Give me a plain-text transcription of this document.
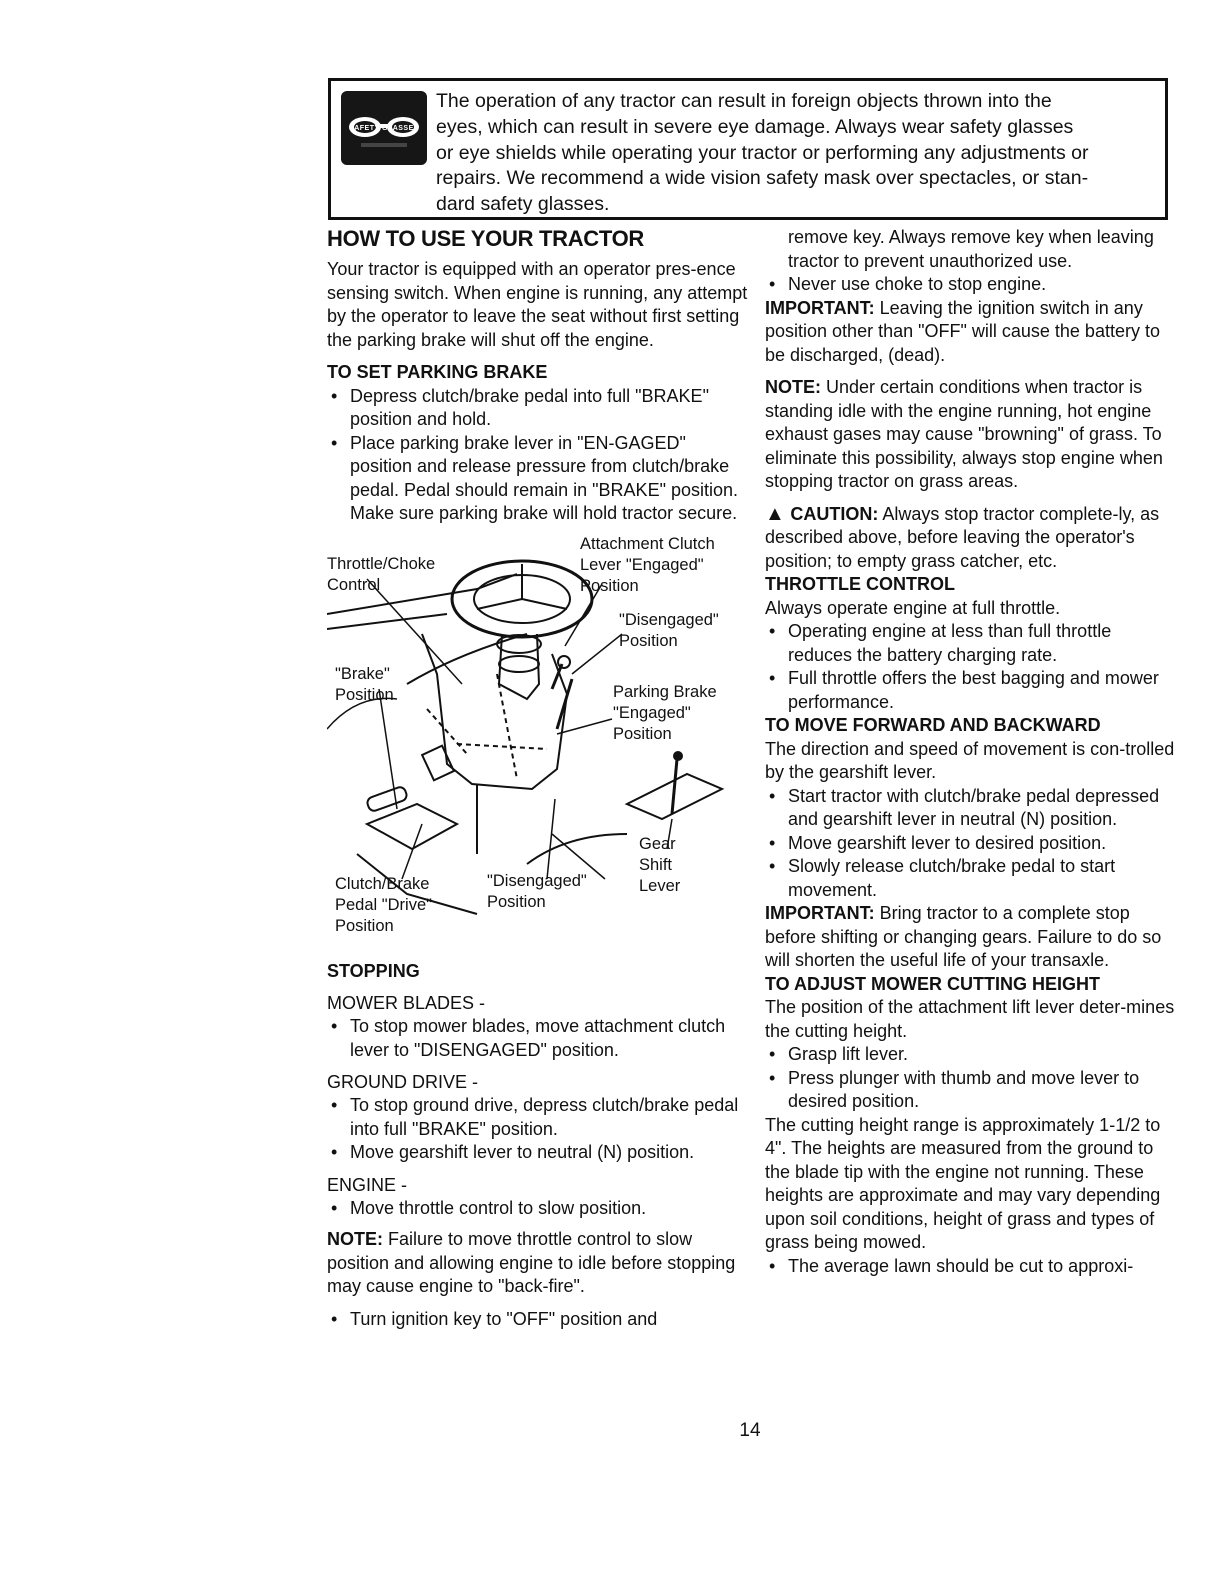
SAFETY GLASSES
The operation of any tractor can result in foreign objects thrown into the
eyes, which can result in severe eye damage. Always wear safety glasses
or eye shields while operating your tractor or performing any adjustments or
repairs. We recommend a wide vision safety mask over spectacles, or stan-
dard safety glasses.
HOW TO USE YOUR TRACTOR

Your tractor is equipped with an operator pres-ence sensing switch. When engine is running, any attempt by the operator to leave the seat without first setting the parking brake will shut off the engine.

TO SET PARKING BRAKE
• Depress clutch/brake pedal into full "BRAKE" position and hold.
• Place parking brake lever in "EN-GAGED" position and release pressure from clutch/brake pedal. Pedal should remain in "BRAKE" position. Make sure parking brake will hold tractor secure.
Throttle/Choke
Control
Attachment Clutch
Lever "Engaged"
Position
"Disengaged"
Position
"Brake"
Position	Parking Brake
"Engaged"
Position
Gear
Shift
Lever
Clutch/Brake
Pedal "Drive"
Position
"Disengaged"
Position
STOPPING
MOWER BLADES -
• To stop mower blades, move attachment clutch lever to "DISENGAGED" position.
GROUND DRIVE -
• To stop ground drive, depress clutch/brake pedal into full "BRAKE" position.
• Move gearshift lever to neutral (N) position.
ENGINE -
• Move throttle control to slow position.

NOTE: Failure to move throttle control to slow position and allowing engine to idle before stopping may cause engine to "back-fire".

• Turn ignition key to "OFF" position and

remove key. Always remove key when leaving tractor to prevent unauthorized use.

• Never use choke to stop engine.

IMPORTANT: Leaving the ignition switch in any position other than "OFF" will cause the battery to be discharged, (dead).

NOTE: Under certain conditions when tractor is standing idle with the engine running, hot engine exhaust gases may cause "browning" of grass. To eliminate this possibility, always stop engine when stopping tractor on grass areas.

▲ CAUTION: Always stop tractor complete-ly, as described above, before leaving the operator's position; to empty grass catcher, etc.

THROTTLE CONTROL

Always operate engine at full throttle.

• Operating engine at less than full throttle reduces the battery charging rate.
• Full throttle offers the best bagging and mower performance.
TO MOVE FORWARD AND BACKWARD

The direction and speed of movement is con-trolled by the gearshift lever.

• Start tractor with clutch/brake pedal depressed and gearshift lever in neutral (N) position.
• Move gearshift lever to desired position.
• Slowly release clutch/brake pedal to start movement.

IMPORTANT: Bring tractor to a complete stop before shifting or changing gears. Failure to do so will shorten the useful life of your transaxle.

TO ADJUST MOWER CUTTING HEIGHT

The position of the attachment lift lever deter-mines the cutting height.

• Grasp lift lever.
• Press plunger with thumb and move lever to desired position.

The cutting height range is approximately 1-1/2 to 4". The heights are measured from the ground to the blade tip with the engine not running. These heights are approximate and may vary depending upon soil conditions, height of grass and types of grass being mowed.

• The average lawn should be cut to approxi-
14
